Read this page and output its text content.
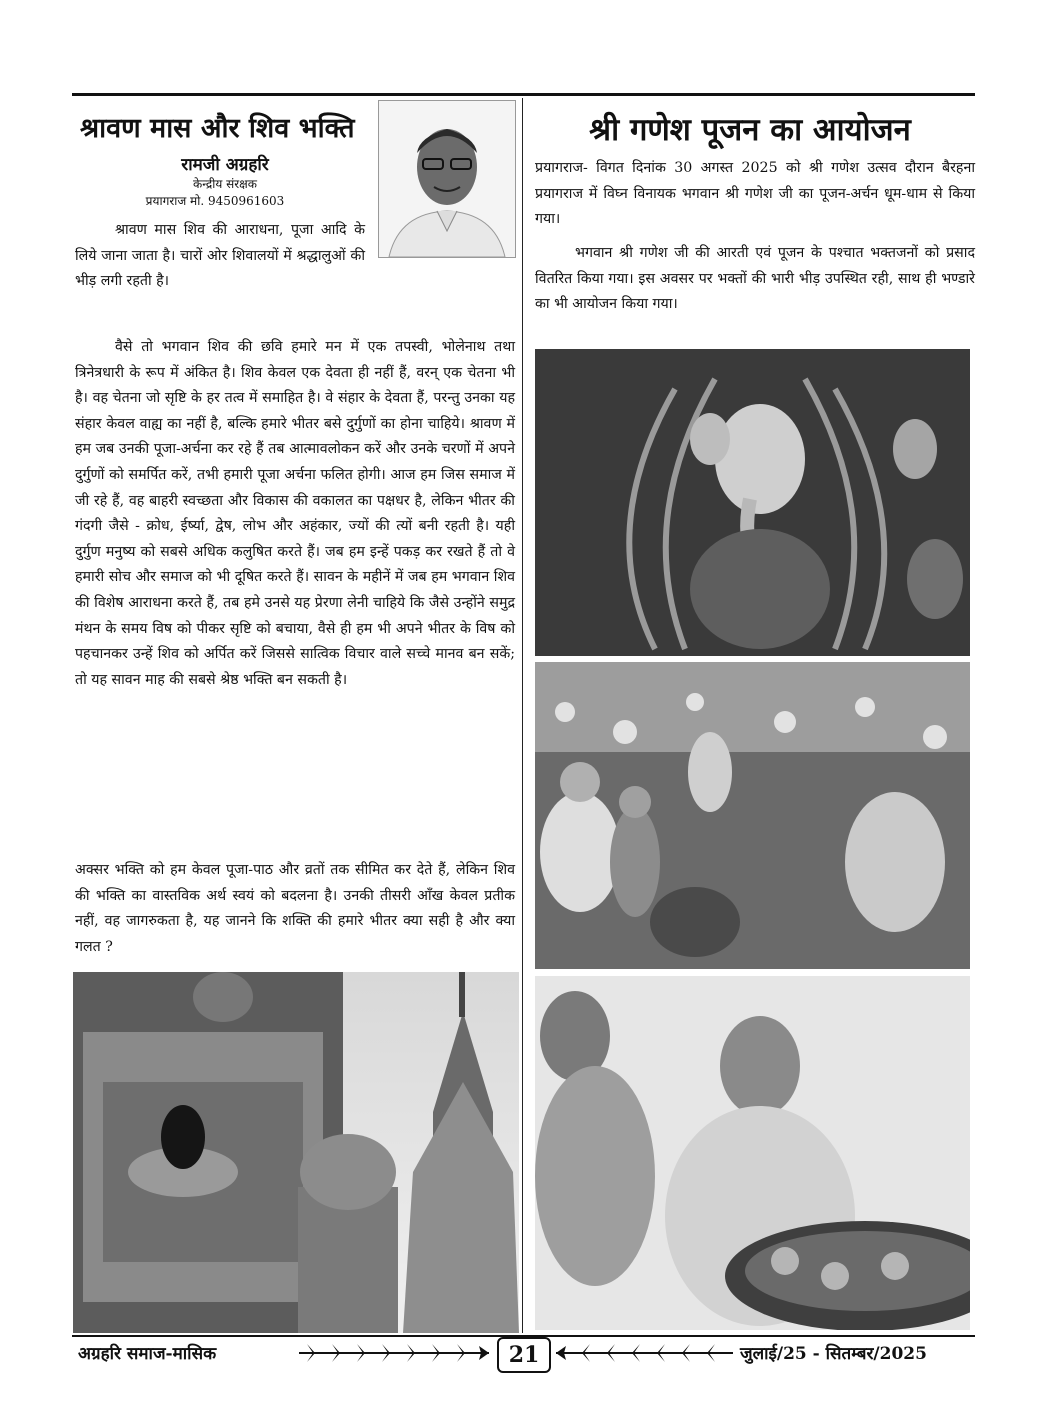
श्रावण मास और शिव भक्ति
रामजी अग्रहरि
केन्द्रीय संरक्षक
प्रयागराज मो. 9450961603
श्रावण मास शिव की आराधना, पूजा आदि के लिये जाना जाता है। चारों ओर शिवालयों में श्रद्धालुओं की भीड़ लगी रहती है।
वैसे तो भगवान शिव की छवि हमारे मन में एक तपस्वी, भोलेनाथ तथा त्रिनेत्रधारी के रूप में अंकित है। शिव केवल एक देवता ही नहीं हैं, वरन् एक चेतना भी है। वह चेतना जो सृष्टि के हर तत्व में समाहित है। वे संहार के देवता हैं, परन्तु उनका यह संहार केवल वाह्य का नहीं है, बल्कि हमारे भीतर बसे दुर्गुणों का होना चाहिये। श्रावण में हम जब उनकी पूजा-अर्चना कर रहे हैं तब आत्मावलोकन करें और उनके चरणों में अपने दुर्गुणों को समर्पित करें, तभी हमारी पूजा अर्चना फलित होगी। आज हम जिस समाज में जी रहे हैं, वह बाहरी स्वच्छता और विकास की वकालत का पक्षधर है, लेकिन भीतर की गंदगी जैसे - क्रोध, ईर्ष्या, द्वेष, लोभ और अहंकार, ज्यों की त्यों बनी रहती है। यही दुर्गुण मनुष्य को सबसे अधिक कलुषित करते हैं। जब हम इन्हें पकड़ कर रखते हैं तो वे हमारी सोच और समाज को भी दूषित करते हैं। सावन के महीनें में जब हम भगवान शिव की विशेष आराधना करते हैं, तब हमे उनसे यह प्रेरणा लेनी चाहिये कि जैसे उन्होंने समुद्र मंथन के समय विष को पीकर सृष्टि को बचाया, वैसे ही हम भी अपने भीतर के विष को पहचानकर उन्हें शिव को अर्पित करें जिससे सात्विक विचार वाले सच्चे मानव बन सकें; तो यह सावन माह की सबसे श्रेष्ठ भक्ति बन सकती है।
अक्सर भक्ति को हम केवल पूजा-पाठ और व्रतों तक सीमित कर देते हैं, लेकिन शिव की भक्ति का वास्तविक अर्थ स्वयं को बदलना है। उनकी तीसरी आँख केवल प्रतीक नहीं, वह जागरुकता है, यह जानने कि शक्ति की हमारे भीतर क्या सही है और क्या गलत ?
श्री गणेश पूजन का आयोजन
प्रयागराज- विगत दिनांक 30 अगस्त 2025 को श्री गणेश उत्सव दौरान बैरहना प्रयागराज में विघ्न विनायक भगवान श्री गणेश जी का पूजन-अर्चन धूम-धाम से किया गया।
भगवान श्री गणेश जी की आरती एवं पूजन के पश्चात भक्तजनों को प्रसाद वितरित किया गया। इस अवसर पर भक्तों की भारी भीड़ उपस्थित रही, साथ ही भण्डारे का भी आयोजन किया गया।
अग्रहरि समाज-मासिक	21	जुलाई/25 - सितम्बर/2025
